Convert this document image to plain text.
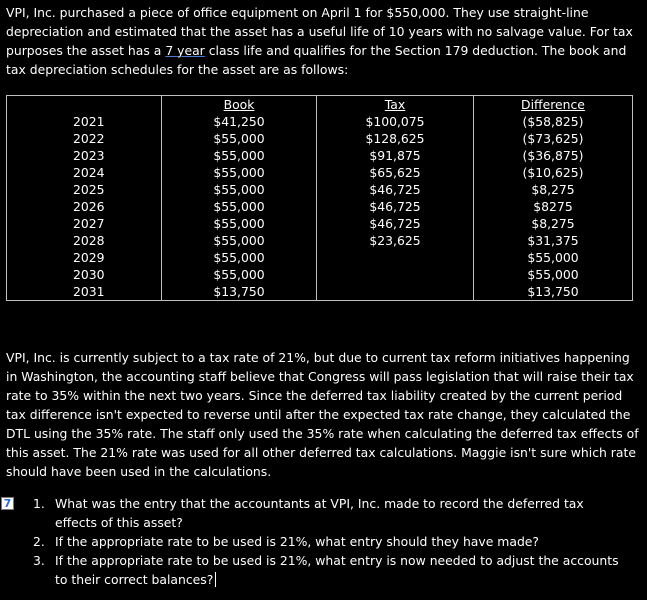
VPI, Inc. purchased a piece of office equipment on April 1 for $550,000. They use straight-line depreciation and estimated that the asset has a useful life of 10 years with no salvage value. For tax purposes the asset has a 7 year class life and qualifies for the Section 179 deduction. The book and tax depreciation schedules for the asset are as follows:

	Book	Tax	Difference
2021	$41,250	$100,075	($58,825)
2022	$55,000	$128,625	($73,625)
2023	$55,000	$91,875	($36,875)
2024	$55,000	$65,625	($10,625)
2025	$55,000	$46,725	$8,275
2026	$55,000	$46,725	$8275
2027	$55,000	$46,725	$8,275
2028	$55,000	$23,625	$31,375
2029	$55,000		$55,000
2030	$55,000		$55,000
2031	$13,750		$13,750

VPI, Inc. is currently subject to a tax rate of 21%, but due to current tax reform initiatives happening in Washington, the accounting staff believe that Congress will pass legislation that will raise their tax rate to 35% within the next two years. Since the deferred tax liability created by the current period tax difference isn't expected to reverse until after the expected tax rate change, they calculated the DTL using the 35% rate. The staff only used the 35% rate when calculating the deferred tax effects of this asset. The 21% rate was used for all other deferred tax calculations. Maggie isn't sure which rate should have been used in the calculations.

7 1. What was the entry that the accountants at VPI, Inc. made to record the deferred tax effects of this asset?
2. If the appropriate rate to be used is 21%, what entry should they have made?
3. If the appropriate rate to be used is 21%, what entry is now needed to adjust the accounts to their correct balances?
